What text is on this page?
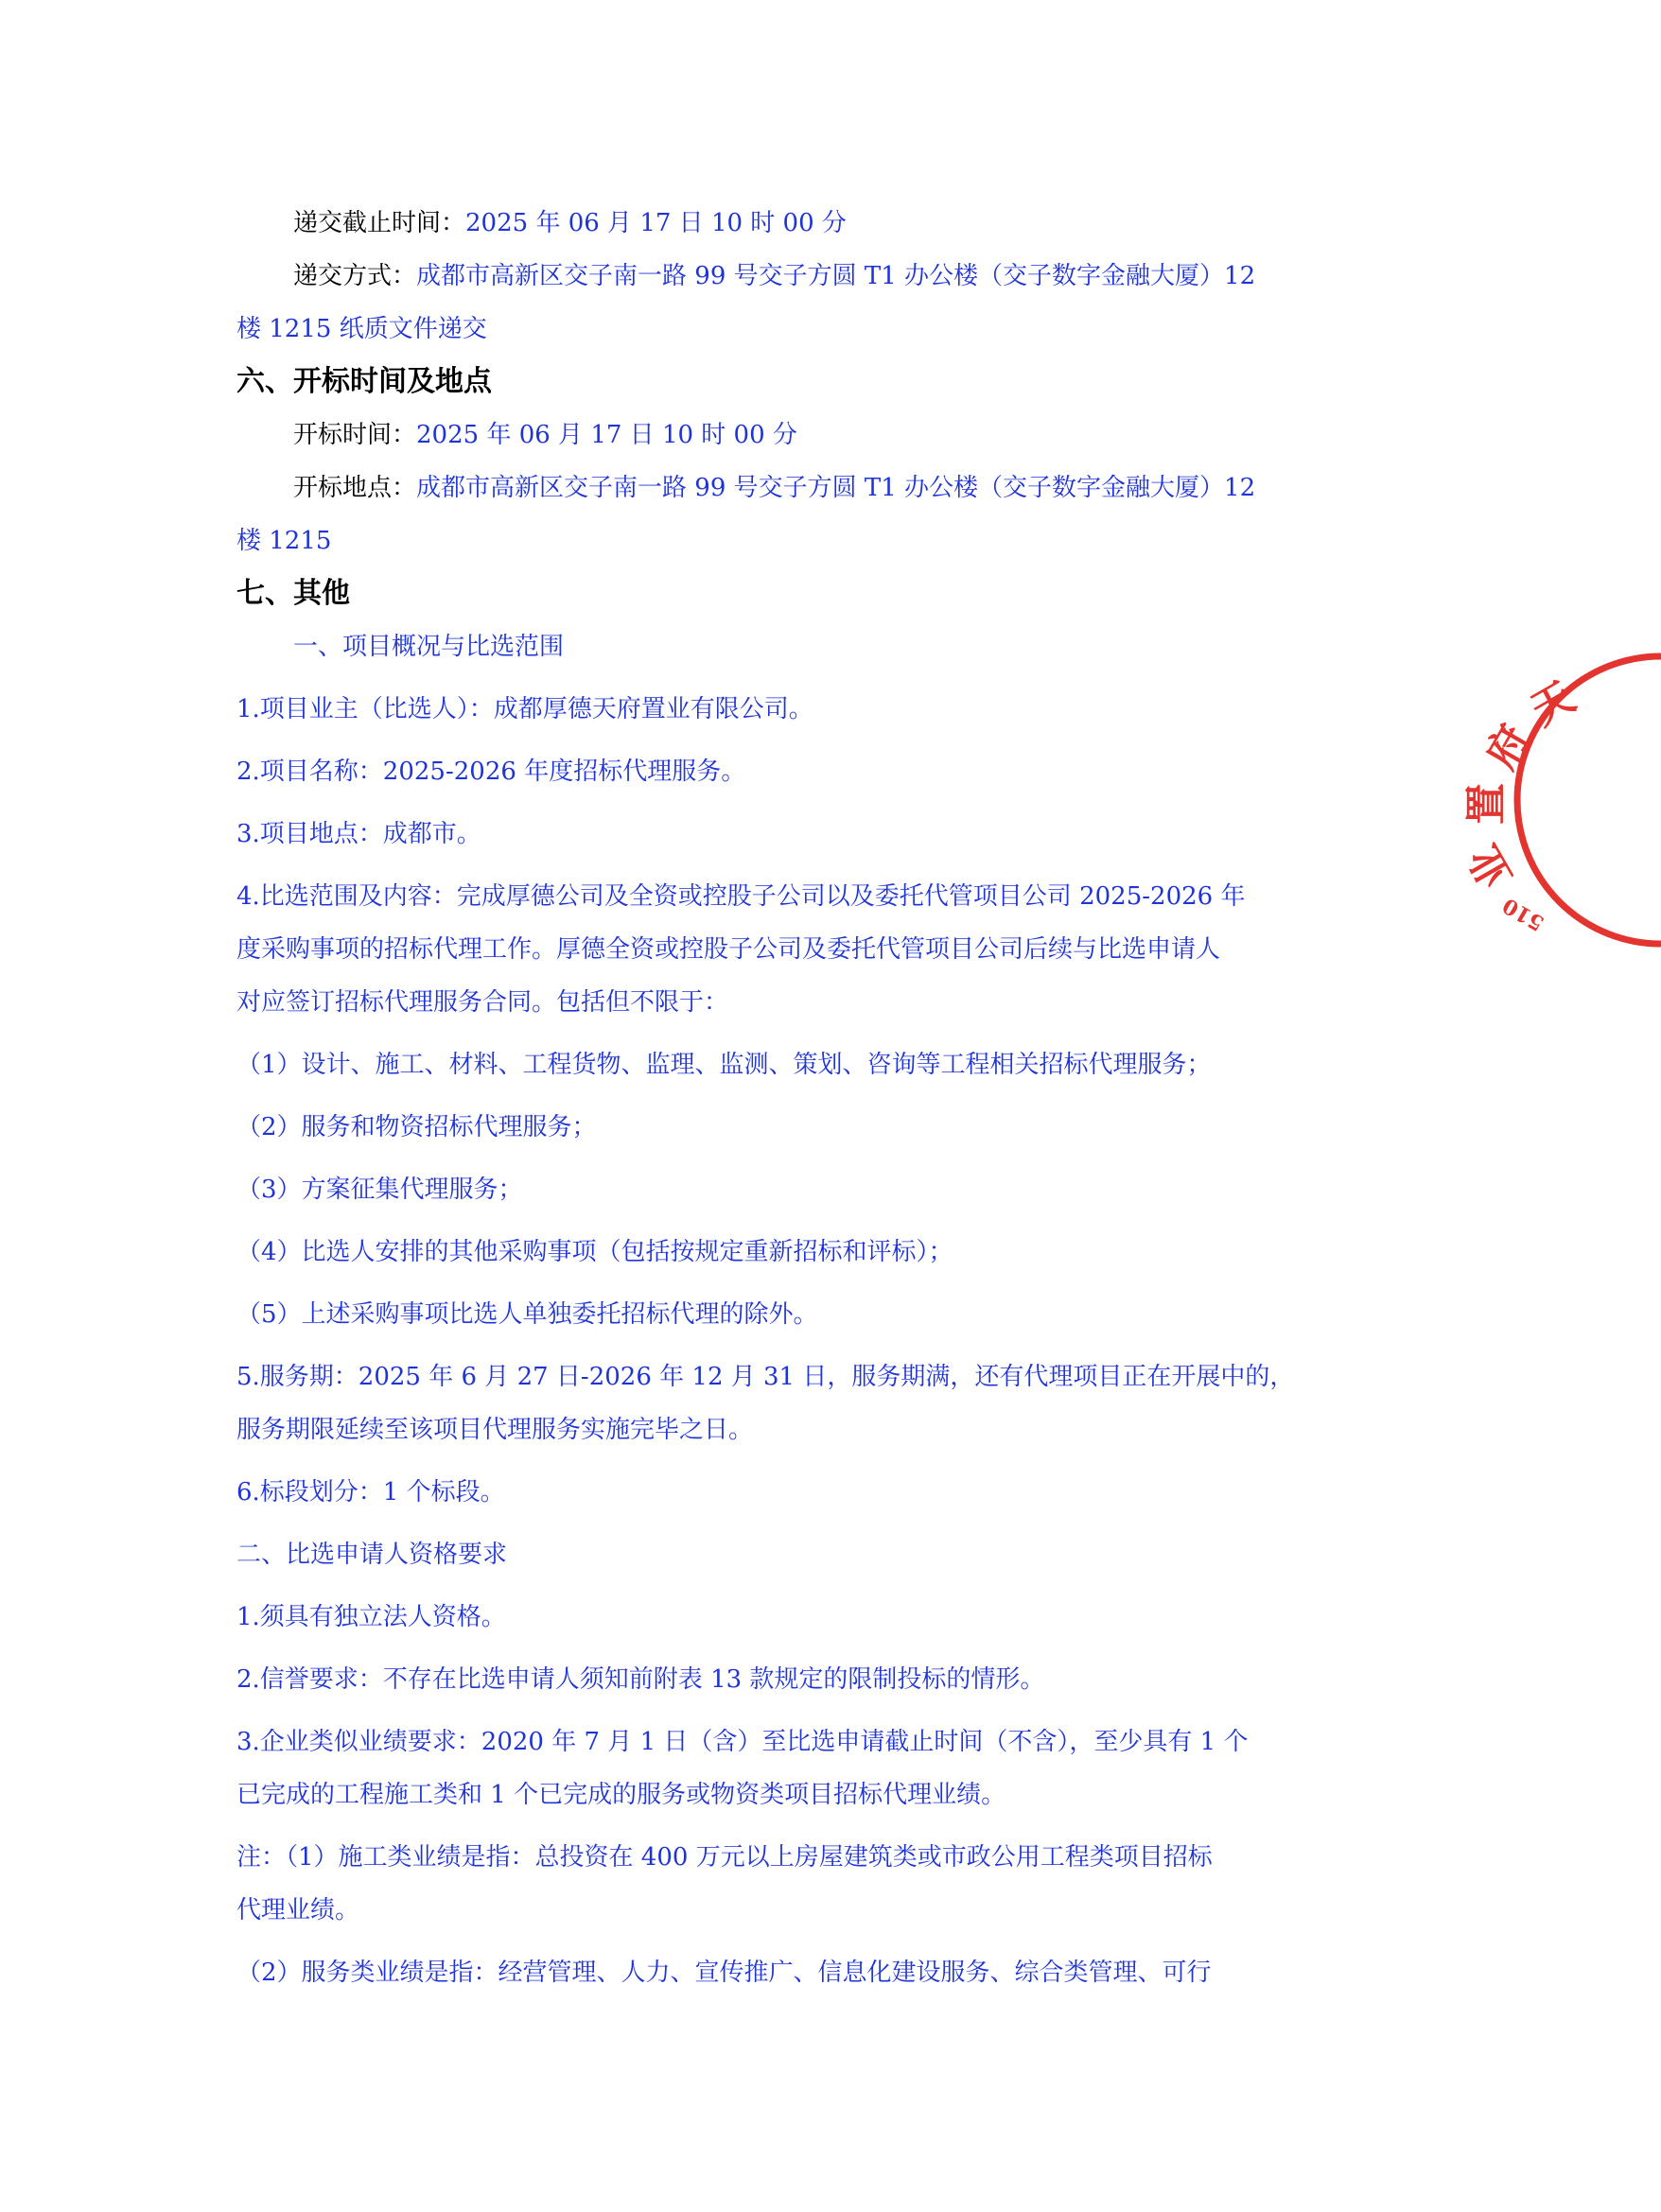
递交截止时间：2025 年 06 月 17 日 10 时 00 分
递交方式：成都市高新区交子南一路 99 号交子方圆 T1 办公楼（交子数字金融大厦）12
楼 1215 纸质文件递交
六、开标时间及地点
开标时间：2025 年 06 月 17 日 10 时 00 分
开标地点：成都市高新区交子南一路 99 号交子方圆 T1 办公楼（交子数字金融大厦）12
楼 1215
七、其他
一、项目概况与比选范围
1.项目业主（比选人）：成都厚德天府置业有限公司。
2.项目名称：2025-2026 年度招标代理服务。
3.项目地点：成都市。
4.比选范围及内容：完成厚德公司及全资或控股子公司以及委托代管项目公司 2025-2026 年
度采购事项的招标代理工作。厚德全资或控股子公司及委托代管项目公司后续与比选申请人
对应签订招标代理服务合同。包括但不限于：
（1）设计、施工、材料、工程货物、监理、监测、策划、咨询等工程相关招标代理服务；
（2）服务和物资招标代理服务；
（3）方案征集代理服务；
（4）比选人安排的其他采购事项（包括按规定重新招标和评标）；
（5）上述采购事项比选人单独委托招标代理的除外。
5.服务期：2025 年 6 月 27 日-2026 年 12 月 31 日，服务期满，还有代理项目正在开展中的，
服务期限延续至该项目代理服务实施完毕之日。
6.标段划分：1 个标段。
二、比选申请人资格要求
1.须具有独立法人资格。
2.信誉要求：不存在比选申请人须知前附表 13 款规定的限制投标的情形。
3.企业类似业绩要求：2020 年 7 月 1 日（含）至比选申请截止时间（不含），至少具有 1 个
已完成的工程施工类和 1 个已完成的服务或物资类项目招标代理业绩。
注：（1）施工类业绩是指：总投资在 400 万元以上房屋建筑类或市政公用工程类项目招标
代理业绩。
（2）服务类业绩是指：经营管理、人力、宣传推广、信息化建设服务、综合类管理、可行
天
府
置
业
510
